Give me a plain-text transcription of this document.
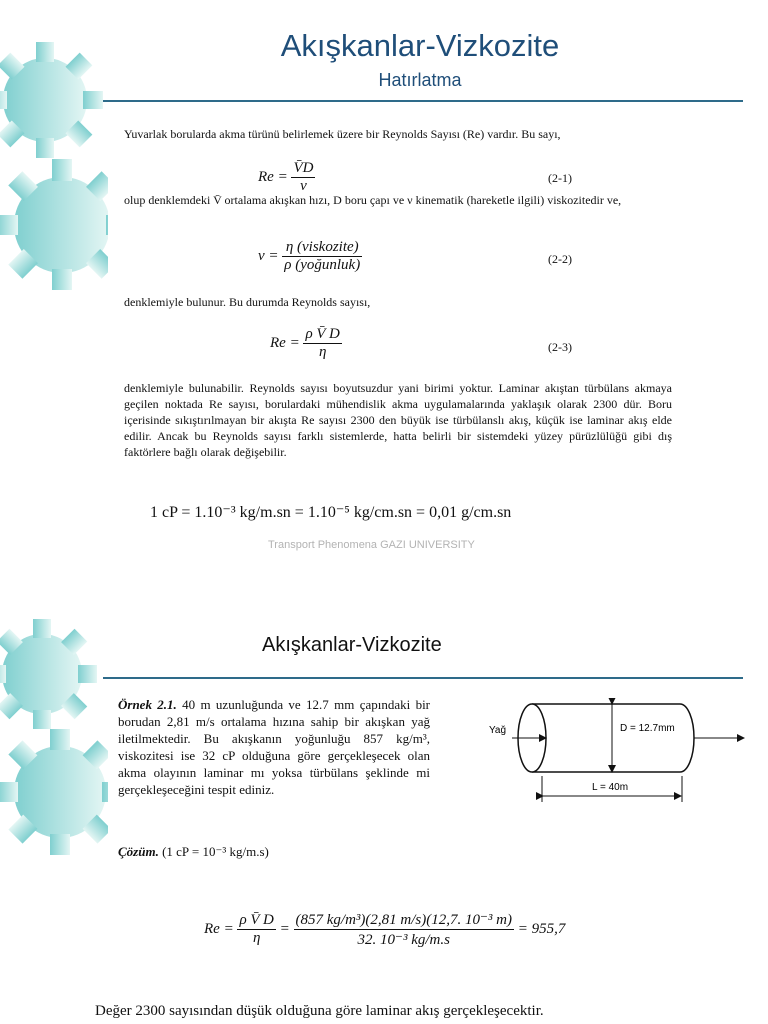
Akışkanlar-Vizkozite
Hatırlatma
Yuvarlak borularda akma türünü belirlemek üzere bir Reynolds Sayısı (Re) vardır. Bu sayı,
$Re = \frac{V̄D}{\nu}$	(2-1)
olup denklemdeki V̄ ortalama akışkan hızı, D boru çapı ve ν kinematik (hareketle ilgili) viskozitedir ve,
$\nu = \frac{\text{η (viskozite)}}{\text{ρ (yoğunluk)}}$	(2-2)
denklemiyle bulunur. Bu durumda Reynolds sayısı,
$Re = \frac{\text{ρ V̄ D}}{\eta}$	(2-3)
denklemiyle bulunabilir. Reynolds sayısı boyutsuzdur yani birimi yoktur. Laminar akıştan türbülans akmaya geçilen noktada Re sayısı, borulardaki mühendislik akma uygulamalarında yaklaşık olarak 2300 dür. Boru içerisinde sıkıştırılmayan bir akışta Re sayısı 2300 den büyük ise türbülanslı akış, küçük ise laminar akış elde edilir. Ancak bu Reynolds sayısı farklı sistemlerde, hatta belirli bir sistemdeki yüzey pürüzlülüğü gibi dış faktörlere bağlı olarak değişebilir.
1 cP = 1.10⁻³ kg/m.sn = 1.10⁻⁵ kg/cm.sn = 0,01 g/cm.sn
Transport Phenomena GAZI UNIVERSITY
Akışkanlar-Vizkozite
Örnek 2.1. 40 m uzunluğunda ve 12.7 mm çapındaki bir borudan 2,81 m/s ortalama hızına sahip bir akışkan yağ iletilmektedir. Bu akışkanın yoğunluğu 857 kg/m³, viskozitesi ise 32 cP olduğuna göre gerçekleşecek olan akma olayının laminar mı yoksa türbülans şeklinde mi gerçekleşeceğini tespit ediniz.
Çözüm. (1 cP = 10⁻³ kg/m.s)
Yağ	D = 12.7mm
L = 40m
$Re = \frac{\text{ρ V̄ D}}{\eta} = \frac{\text{(857 kg/m³)(2,81 m/s)(12,7. 10⁻³ m)}}{\text{32. 10⁻³ kg/m.s}} = 955,7$
Değer 2300 sayısından düşük olduğuna göre laminar akış gerçekleşecektir.
